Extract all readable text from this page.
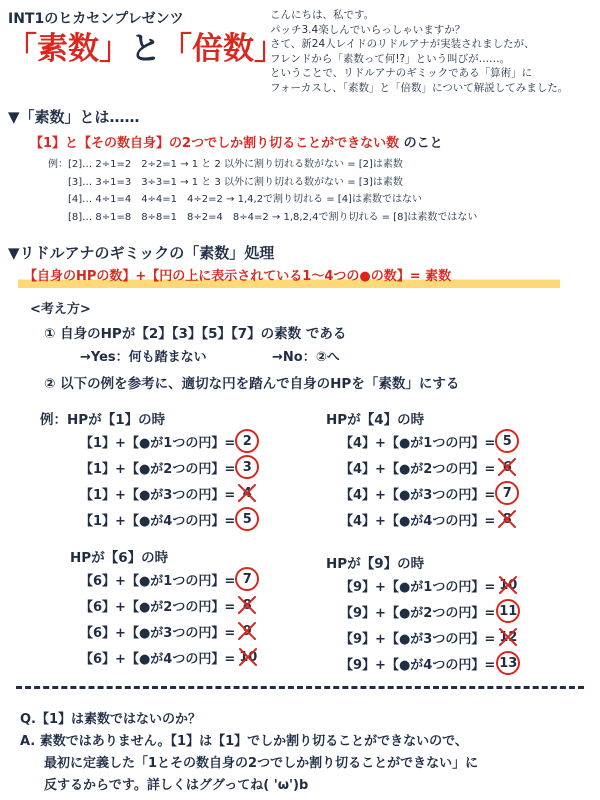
INT1のヒカセンプレゼンツ
「素数」と「倍数」
こんにちは、私です。
パッチ3.4楽しんでいらっしゃいますか？
さて、新24人レイドのリドルアナが実装されましたが、
フレンドから「素数って何!?」という叫びが……。
ということで、リドルアナのギミックである「算術」に
フォーカスし、「素数」と「倍数」について解説してみました。
▼「素数」とは……
【1】と【その数自身】の2つでしか割り切ることができない数 のこと
例：[2]… 2÷1=2　2÷2=1 → 1 と 2 以外に割り切れる数がない = [2]は素数
　　[3]… 3÷1=3　3÷3=1 → 1 と 3 以外に割り切れる数がない = [3]は素数
　　[4]… 4÷1=4　4÷4=1　4÷2=2 → 1,4,2で割り切れる = [4]は素数ではない
　　[8]… 8÷1=8　8÷8=1　8÷2=4　8÷4=2 → 1,8,2,4で割り切れる = [8]は素数ではない
▼リドルアナのギミックの「素数」処理
【自身のHPの数】+【円の上に表示されている1～4つの●の数】= 素数
<考え方>
① 自身のHPが【2】【3】【5】【7】の素数 である
→Yes：何も踏まない	→No：②へ
② 以下の例を参考に、適切な円を踏んで自身のHPを「素数」にする
例：HPが【1】の時
【1】+【●が1つの円】= 2
【1】+【●が2つの円】= 3
【1】+【●が3つの円】= 4
【1】+【●が4つの円】= 5
HPが【4】の時
【4】+【●が1つの円】= 5
【4】+【●が2つの円】= 6
【4】+【●が3つの円】= 7
【4】+【●が4つの円】= 8
HPが【6】の時
【6】+【●が1つの円】= 7
【6】+【●が2つの円】= 8
【6】+【●が3つの円】= 9
【6】+【●が4つの円】= 10
HPが【9】の時
【9】+【●が1つの円】= 10
【9】+【●が2つの円】= 11
【9】+【●が3つの円】= 12
【9】+【●が4つの円】= 13
Q.【1】は素数ではないのか？
A. 素数ではありません。【1】は【1】でしか割り切ることができないので、
最初に定義した「1とその数自身の2つでしか割り切ることができない」に
反するからです。詳しくはググってね( 'ω')b
